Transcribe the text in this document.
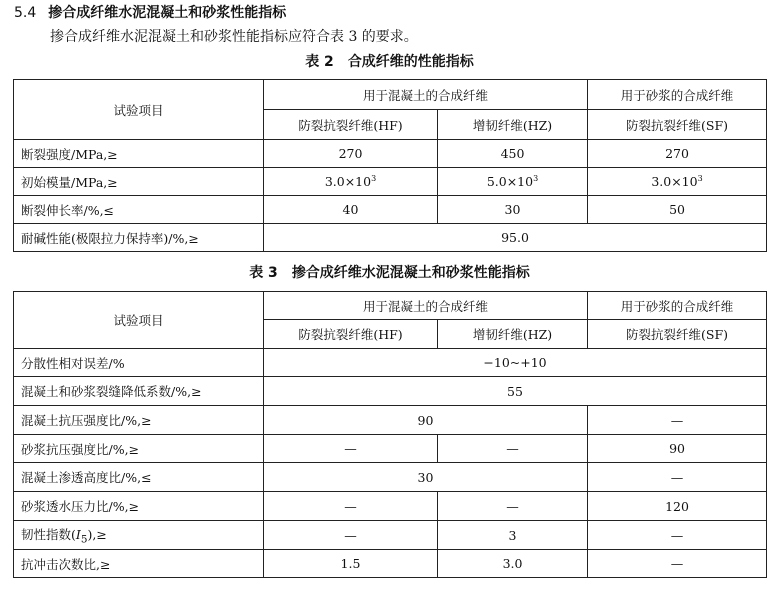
5.4 掺合成纤维水泥混凝土和砂浆性能指标
掺合成纤维水泥混凝土和砂浆性能指标应符合表 3 的要求。
表 2 合成纤维的性能指标
试验项目	用于混凝土的合成纤维		用于砂浆的合成纤维
	防裂抗裂纤维(HF)	增韧纤维(HZ)	防裂抗裂纤维(SF)
断裂强度/MPa,≥	270	450	270
初始模量/MPa,≥	$3.0\times 10^3$	$5.0\times 10^3$	$3.0\times 10^3$
断裂伸长率/%,≤	40	30	50
耐碱性能(极限拉力保持率)/%,≥	95.0		
表 3 掺合成纤维水泥混凝土和砂浆性能指标
试验项目	用于混凝土的合成纤维		用于砂浆的合成纤维
	防裂抗裂纤维(HF)	增韧纤维(HZ)	防裂抗裂纤维(SF)
分散性相对误差/%	−10~+10		
混凝土和砂浆裂缝降低系数/%,≥	55		
混凝土抗压强度比/%,≥	90		—
砂浆抗压强度比/%,≥	—	—	90
混凝土渗透高度比/%,≤	30		—
砂浆透水压力比/%,≥	—	—	120
韧性指数$(I_5),\ge$	—	3	—
抗冲击次数比,≥	1.5	3.0	—
